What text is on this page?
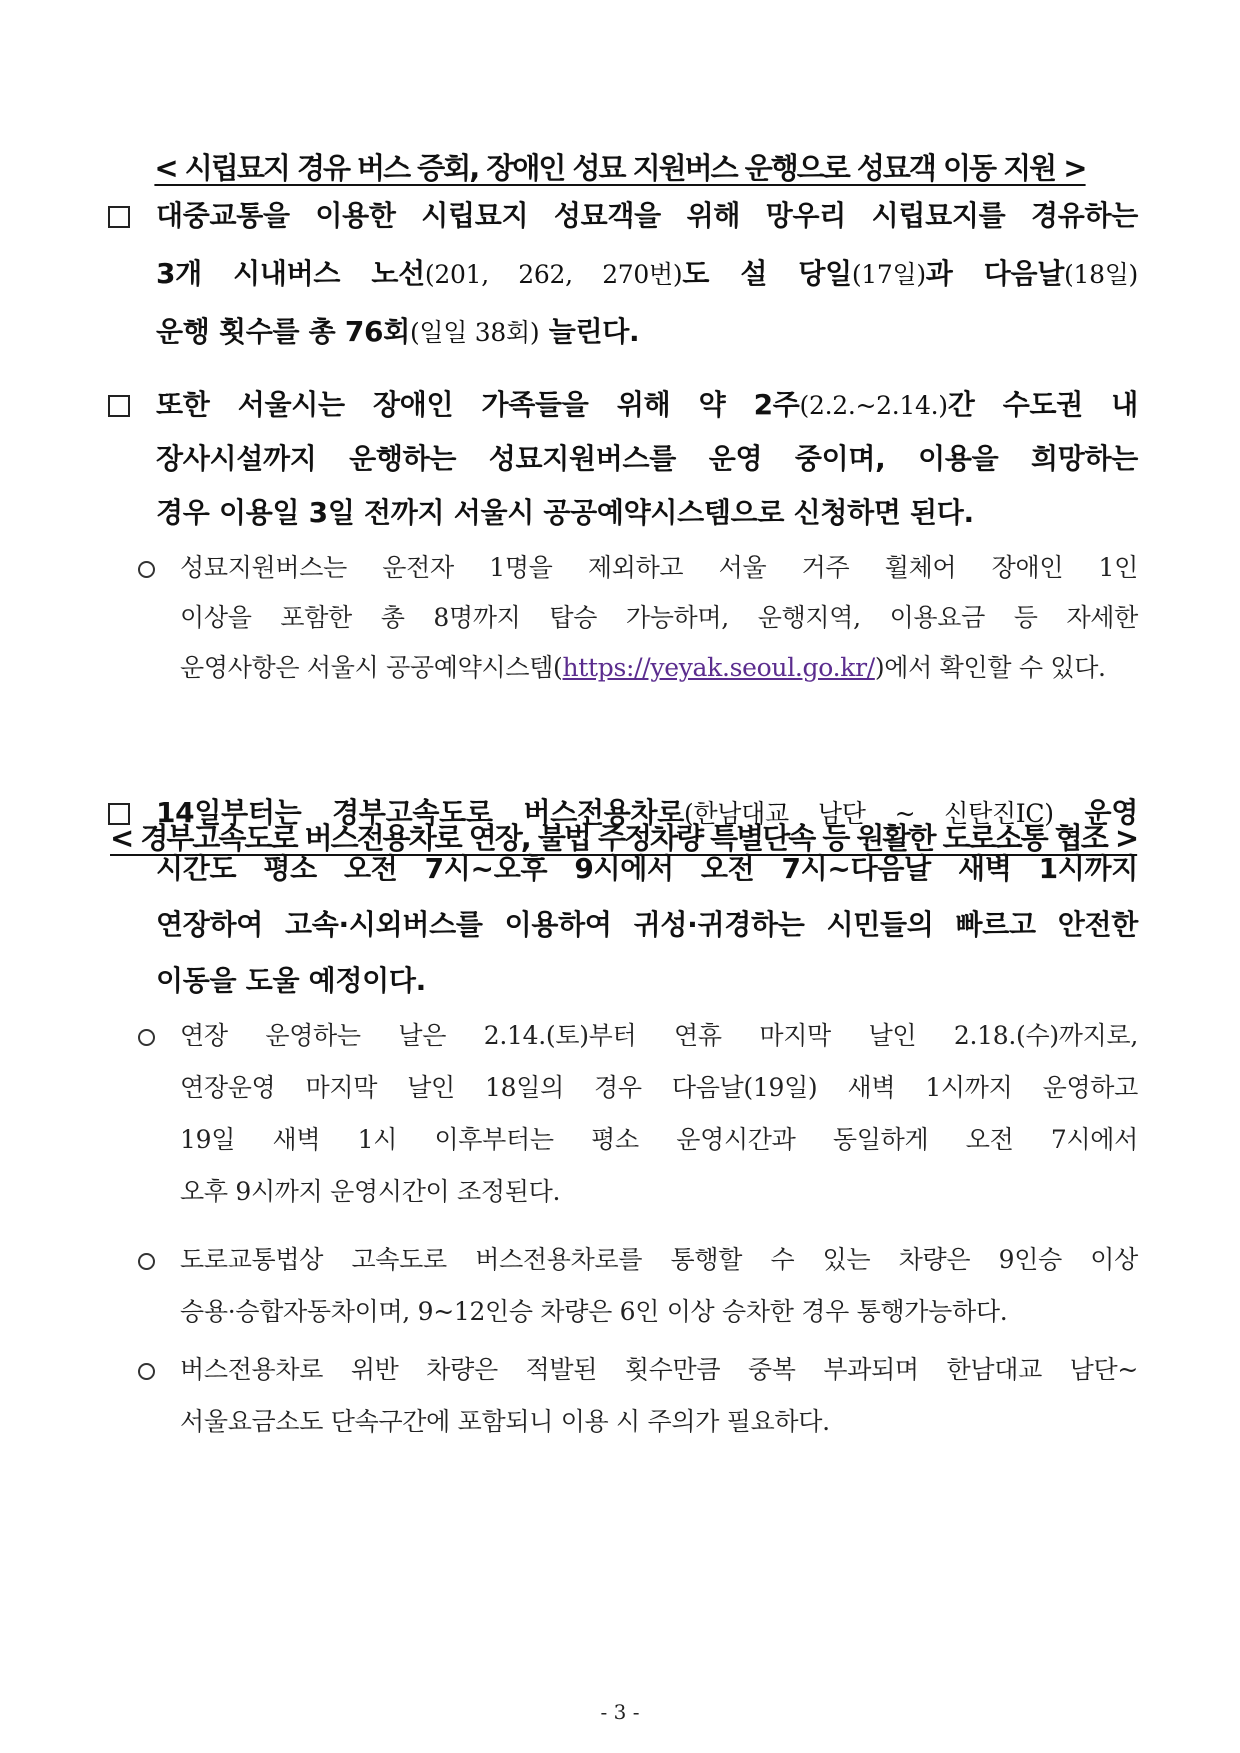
< 시립묘지 경유 버스 증회, 장애인 성묘 지원버스 운행으로 성묘객 이동 지원 >
대중교통을 이용한 시립묘지 성묘객을 위해 망우리 시립묘지를 경유하는
3개 시내버스 노선(201, 262, 270번)도 설 당일(17일)과 다음날(18일)
운행 횟수를 총 76회(일일 38회) 늘린다.
또한 서울시는 장애인 가족들을 위해 약 2주(2.2.~2.14.)간 수도권 내
장사시설까지 운행하는 성묘지원버스를 운영 중이며, 이용을 희망하는
경우 이용일 3일 전까지 서울시 공공예약시스템으로 신청하면 된다.
성묘지원버스는 운전자 1명을 제외하고 서울 거주 휠체어 장애인 1인
이상을 포함한 총 8명까지 탑승 가능하며, 운행지역, 이용요금 등 자세한
운영사항은 서울시 공공예약시스템(https://yeyak.seoul.go.kr/)에서 확인할 수 있다.
< 경부고속도로 버스전용차로 연장, 불법 주정차량 특별단속 등 원활한 도로소통 협조 >
14일부터는 경부고속도로 버스전용차로(한남대교 남단 ~ 신탄진IC) 운영
시간도 평소 오전 7시~오후 9시에서 오전 7시~다음날 새벽 1시까지
연장하여 고속·시외버스를 이용하여 귀성·귀경하는 시민들의 빠르고 안전한
이동을 도울 예정이다.
연장 운영하는 날은 2.14.(토)부터 연휴 마지막 날인 2.18.(수)까지로,
연장운영 마지막 날인 18일의 경우 다음날(19일) 새벽 1시까지 운영하고
19일 새벽 1시 이후부터는 평소 운영시간과 동일하게 오전 7시에서
오후 9시까지 운영시간이 조정된다.
도로교통법상 고속도로 버스전용차로를 통행할 수 있는 차량은 9인승 이상
승용·승합자동차이며, 9~12인승 차량은 6인 이상 승차한 경우 통행가능하다.
버스전용차로 위반 차량은 적발된 횟수만큼 중복 부과되며 한남대교 남단~
서울요금소도 단속구간에 포함되니 이용 시 주의가 필요하다.
- 3 -
